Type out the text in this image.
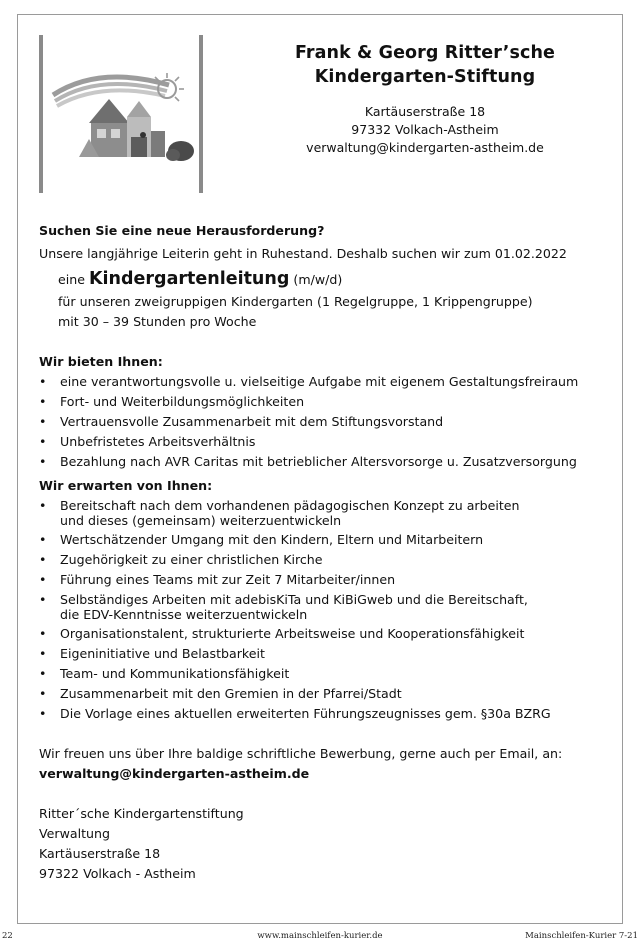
Frank & Georg Ritter’sche
Kindergarten-Stiftung
Kartäuserstraße 18
97332 Volkach-Astheim
verwaltung@kindergarten-astheim.de
Suchen Sie eine neue Herausforderung?
Unsere langjährige Leiterin geht in Ruhestand. Deshalb suchen wir zum 01.02.2022
eine Kindergartenleitung (m/w/d)
für unseren zweigruppigen Kindergarten (1 Regelgruppe, 1 Krippengruppe)
mit 30 – 39 Stunden pro Woche
Wir bieten Ihnen:
•	eine verantwortungsvolle u. vielseitige Aufgabe mit eigenem Gestaltungsfreiraum
•	Fort- und Weiterbildungsmöglichkeiten
•	Vertrauensvolle Zusammenarbeit mit dem Stiftungsvorstand
•	Unbefristetes Arbeitsverhältnis
•	Bezahlung nach AVR Caritas mit betrieblicher Altersvorsorge u. Zusatzversorgung
Wir erwarten von Ihnen:
•	Bereitschaft nach dem vorhandenen pädagogischen Konzept zu arbeiten
und dieses (gemeinsam) weiterzuentwickeln
•	Wertschätzender Umgang mit den Kindern, Eltern und Mitarbeitern
•	Zugehörigkeit zu einer christlichen Kirche
•	Führung eines Teams mit zur Zeit 7 Mitarbeiter/innen
•	Selbständiges Arbeiten mit adebisKiTa und KiBiGweb und die Bereitschaft,
die EDV-Kenntnisse weiterzuentwickeln
•	Organisationstalent, strukturierte Arbeitsweise und Kooperationsfähigkeit
•	Eigeninitiative und Belastbarkeit
•	Team- und Kommunikationsfähigkeit
•	Zusammenarbeit mit den Gremien in der Pfarrei/Stadt
•	Die Vorlage eines aktuellen erweiterten Führungszeugnisses gem. §30a BZRG
Wir freuen uns über Ihre baldige schriftliche Bewerbung, gerne auch per Email, an:
verwaltung@kindergarten-astheim.de
Ritter´sche Kindergartenstiftung
Verwaltung
Kartäuserstraße 18
97322 Volkach - Astheim
22	www.mainschleifen-kurier.de	Mainschleifen-Kurier 7-21
